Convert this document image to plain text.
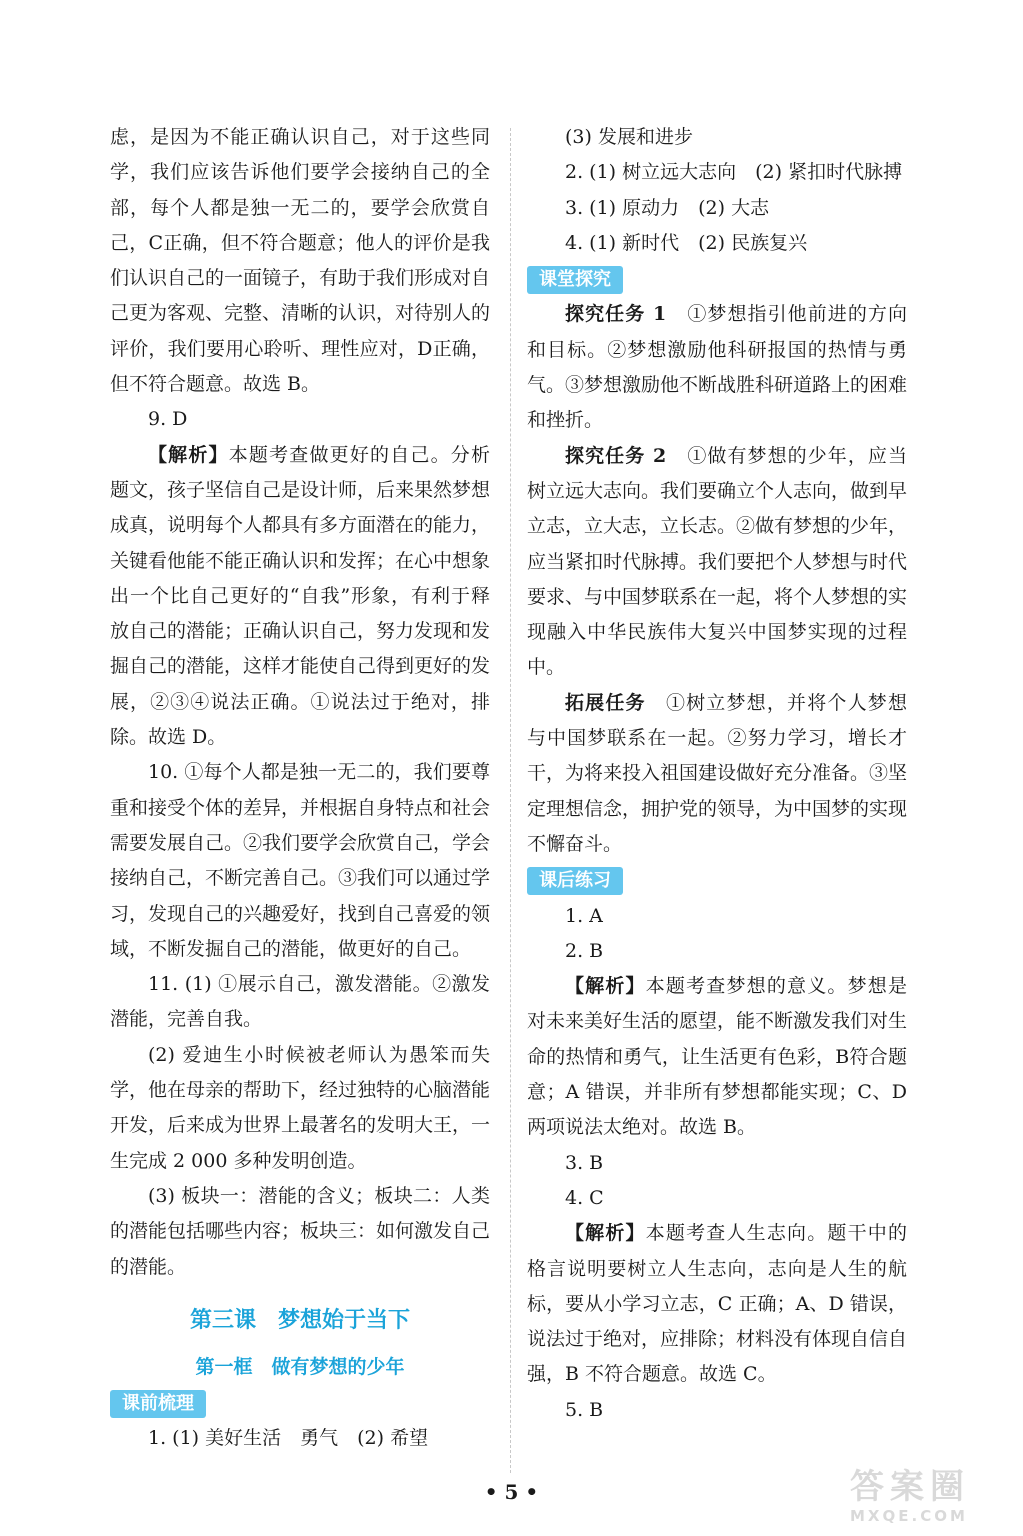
虑，是因为不能正确认识自己，对于这些同学，我们应该告诉他们要学会接纳自己的全部，每个人都是独一无二的，要学会欣赏自己，C正确，但不符合题意；他人的评价是我们认识自己的一面镜子，有助于我们形成对自己更为客观、完整、清晰的认识，对待别人的评价，我们要用心聆听、理性应对，D正确，但不符合题意。故选 B。

9. D

【解析】本题考查做更好的自己。分析题文，孩子坚信自己是设计师，后来果然梦想成真，说明每个人都具有多方面潜在的能力，关键看他能不能正确认识和发挥；在心中想象出一个比自己更好的“自我”形象，有利于释放自己的潜能；正确认识自己，努力发现和发掘自己的潜能，这样才能使自己得到更好的发展，②③④说法正确。①说法过于绝对，排除。故选 D。

10. ①每个人都是独一无二的，我们要尊重和接受个体的差异，并根据自身特点和社会需要发展自己。②我们要学会欣赏自己，学会接纳自己，不断完善自己。③我们可以通过学习，发现自己的兴趣爱好，找到自己喜爱的领域，不断发掘自己的潜能，做更好的自己。

11. (1) ①展示自己，激发潜能。②激发潜能，完善自我。

(2) 爱迪生小时候被老师认为愚笨而失学，他在母亲的帮助下，经过独特的心脑潜能开发，后来成为世界上最著名的发明大王，一生完成 2 000 多种发明创造。

(3) 板块一：潜能的含义；板块二：人类的潜能包括哪些内容；板块三：如何激发自己的潜能。

第三课　梦想始于当下
第一框　做有梦想的少年
课前梳理

1. (1) 美好生活　勇气　(2) 希望

(3) 发展和进步

2. (1) 树立远大志向　(2) 紧扣时代脉搏

3. (1) 原动力　(2) 大志

4. (1) 新时代　(2) 民族复兴

课堂探究

探究任务 1　 ①梦想指引他前进的方向和目标。②梦想激励他科研报国的热情与勇气。③梦想激励他不断战胜科研道路上的困难和挫折。

探究任务 2　 ①做有梦想的少年，应当树立远大志向。我们要确立个人志向，做到早立志，立大志，立长志。②做有梦想的少年，应当紧扣时代脉搏。我们要把个人梦想与时代要求、与中国梦联系在一起，将个人梦想的实现融入中华民族伟大复兴中国梦实现的过程中。

拓展任务　 ①树立梦想，并将个人梦想与中国梦联系在一起。②努力学习，增长才干，为将来投入祖国建设做好充分准备。③坚定理想信念，拥护党的领导，为中国梦的实现不懈奋斗。

课后练习

1. A

2. B

【解析】本题考查梦想的意义。梦想是对未来美好生活的愿望，能不断激发我们对生命的热情和勇气，让生活更有色彩，B符合题意；A 错误，并非所有梦想都能实现；C、D 两项说法太绝对。故选 B。

3. B

4. C

【解析】本题考查人生志向。题干中的格言说明要树立人生志向，志向是人生的航标，要从小学习立志，C 正确；A、D 错误，说法过于绝对，应排除；材料没有体现自信自强，B 不符合题意。故选 C。

5. B

• 5 •	答案圈
MXQE.COM
